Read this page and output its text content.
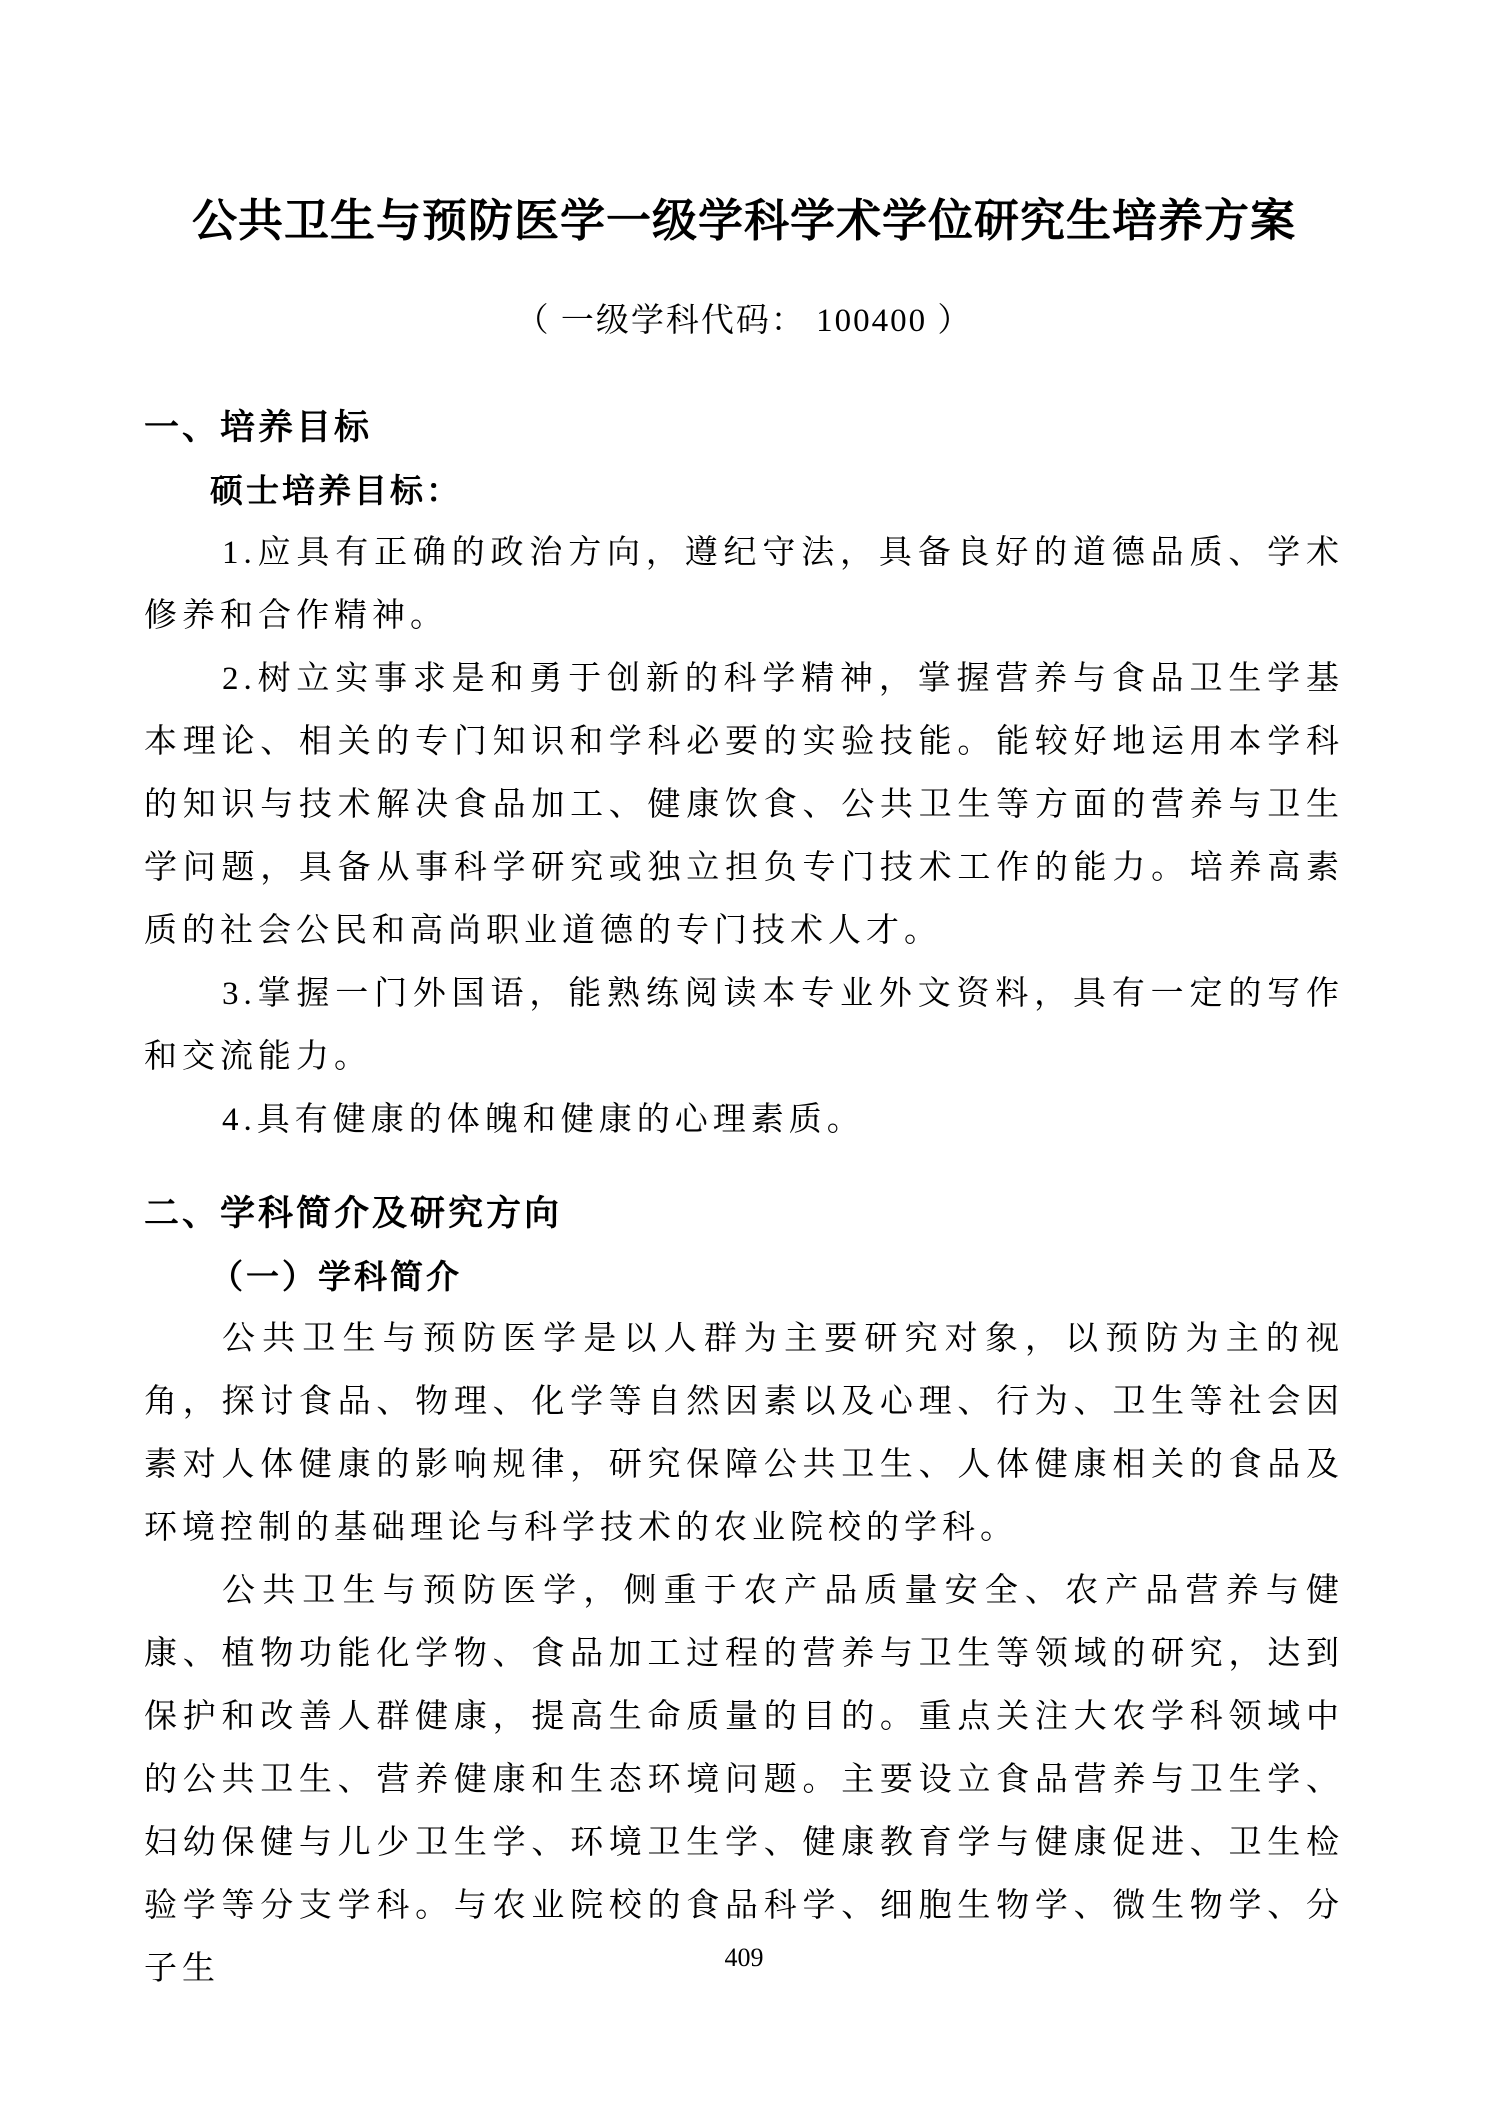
公共卫生与预防医学一级学科学术学位研究生培养方案
（ 一级学科代码： 100400 ）
一、培养目标
硕士培养目标：

1.应具有正确的政治方向，遵纪守法，具备良好的道德品质、学术修养和合作精神。

2.树立实事求是和勇于创新的科学精神，掌握营养与食品卫生学基本理论、相关的专门知识和学科必要的实验技能。能较好地运用本学科的知识与技术解决食品加工、健康饮食、公共卫生等方面的营养与卫生学问题，具备从事科学研究或独立担负专门技术工作的能力。培养高素质的社会公民和高尚职业道德的专门技术人才。

3.掌握一门外国语，能熟练阅读本专业外文资料，具有一定的写作和交流能力。

4.具有健康的体魄和健康的心理素质。

二、学科简介及研究方向
（一）学科简介

公共卫生与预防医学是以人群为主要研究对象，以预防为主的视角，探讨食品、物理、化学等自然因素以及心理、行为、卫生等社会因素对人体健康的影响规律，研究保障公共卫生、人体健康相关的食品及环境控制的基础理论与科学技术的农业院校的学科。

公共卫生与预防医学，侧重于农产品质量安全、农产品营养与健康、植物功能化学物、食品加工过程的营养与卫生等领域的研究，达到保护和改善人群健康，提高生命质量的目的。重点关注大农学科领域中的公共卫生、营养健康和生态环境问题。主要设立食品营养与卫生学、妇幼保健与儿少卫生学、环境卫生学、健康教育学与健康促进、卫生检验学等分支学科。与农业院校的食品科学、细胞生物学、微生物学、分子生	409
